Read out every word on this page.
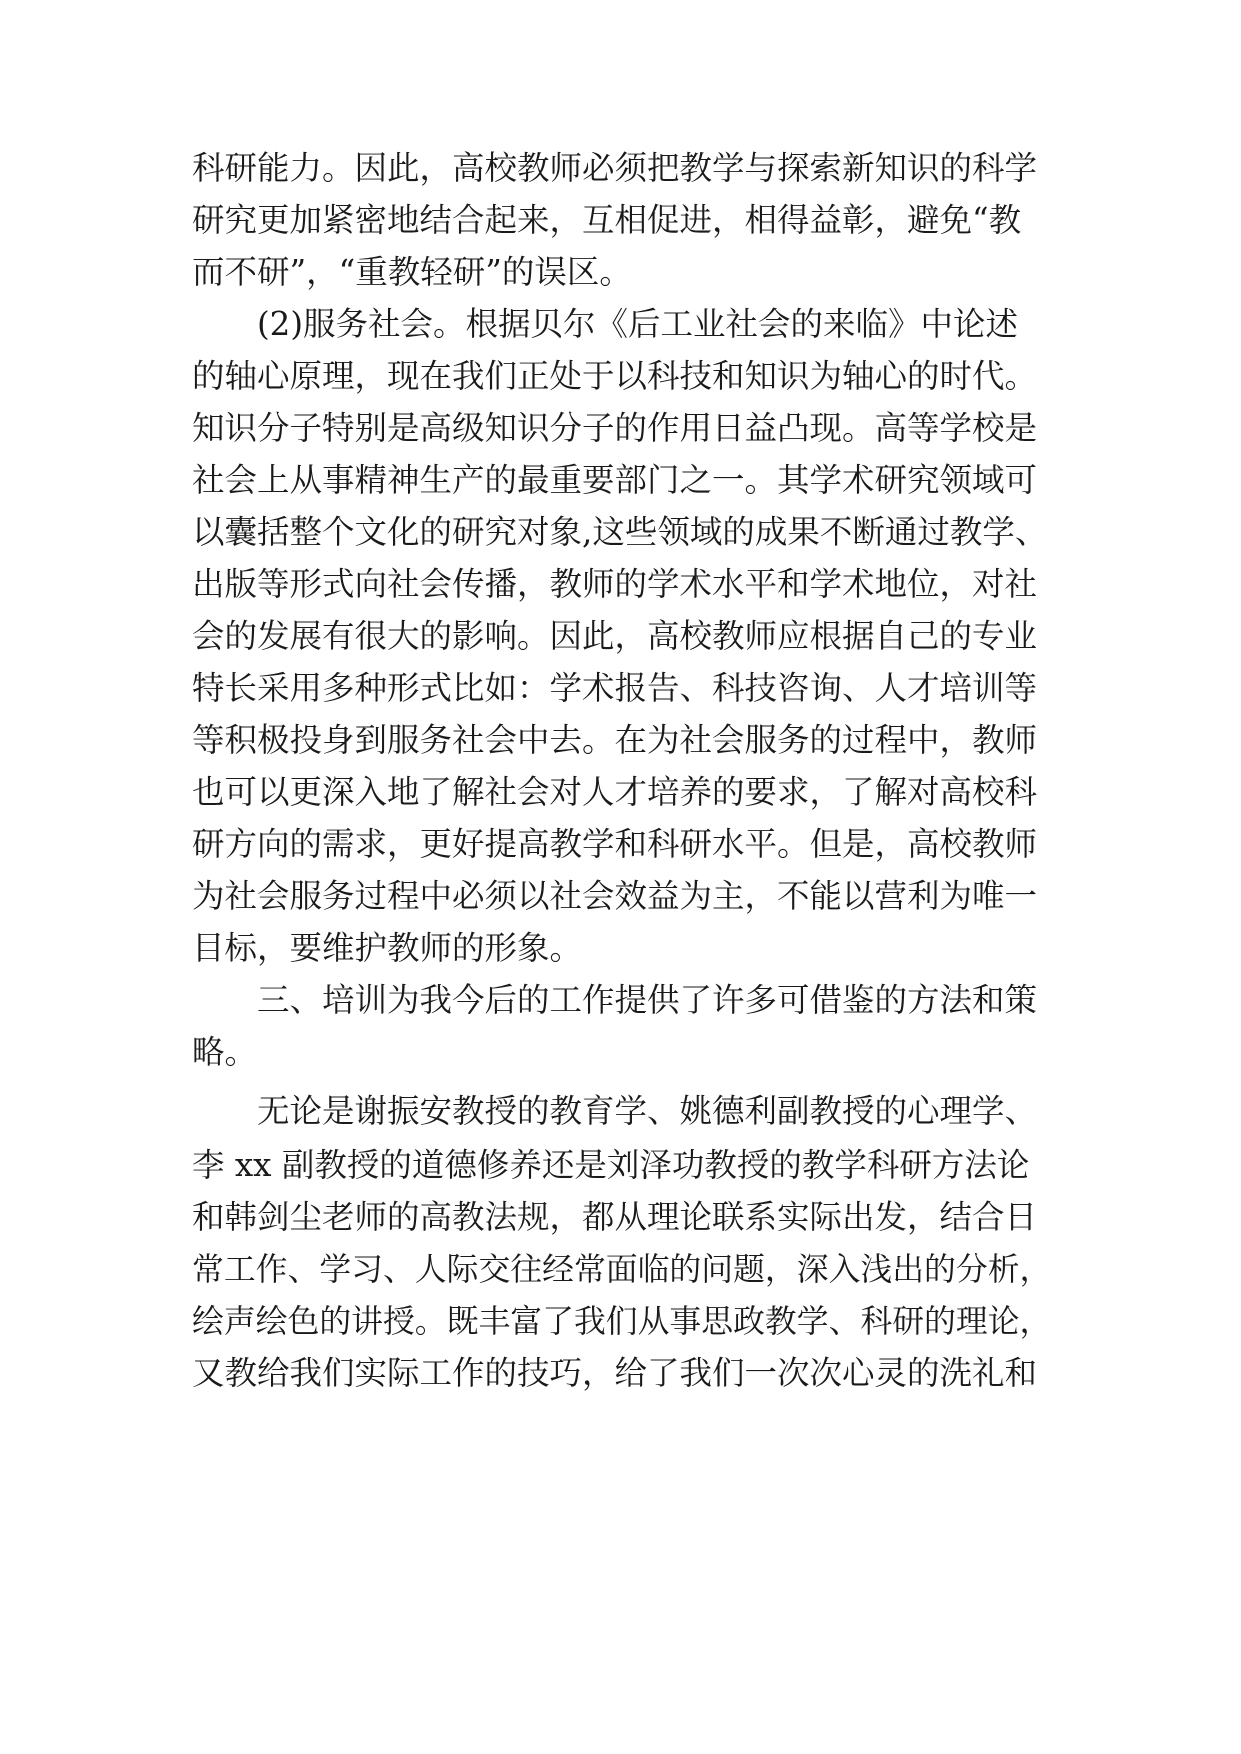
科研能力。因此，高校教师必须把教学与探索新知识的科学

研究更加紧密地结合起来，互相促进，相得益彰，避免“教

而不研”，“重教轻研”的误区。

(2)服务社会。根据贝尔《后工业社会的来临》中论述

的轴心原理，现在我们正处于以科技和知识为轴心的时代。

知识分子特别是高级知识分子的作用日益凸现。高等学校是

社会上从事精神生产的最重要部门之一。其学术研究领域可

以囊括整个文化的研究对象,这些领域的成果不断通过教学、

出版等形式向社会传播，教师的学术水平和学术地位，对社

会的发展有很大的影响。因此，高校教师应根据自己的专业

特长采用多种形式比如：学术报告、科技咨询、人才培训等

等积极投身到服务社会中去。在为社会服务的过程中，教师

也可以更深入地了解社会对人才培养的要求，了解对高校科

研方向的需求，更好提高教学和科研水平。但是，高校教师

为社会服务过程中必须以社会效益为主，不能以营利为唯一

目标，要维护教师的形象。

三、培训为我今后的工作提供了许多可借鉴的方法和策

略。

无论是谢振安教授的教育学、姚德利副教授的心理学、

李 xx 副教授的道德修养还是刘泽功教授的教学科研方法论

和韩剑尘老师的高教法规，都从理论联系实际出发，结合日

常工作、学习、人际交往经常面临的问题，深入浅出的分析，

绘声绘色的讲授。既丰富了我们从事思政教学、科研的理论，

又教给我们实际工作的技巧，给了我们一次次心灵的洗礼和
